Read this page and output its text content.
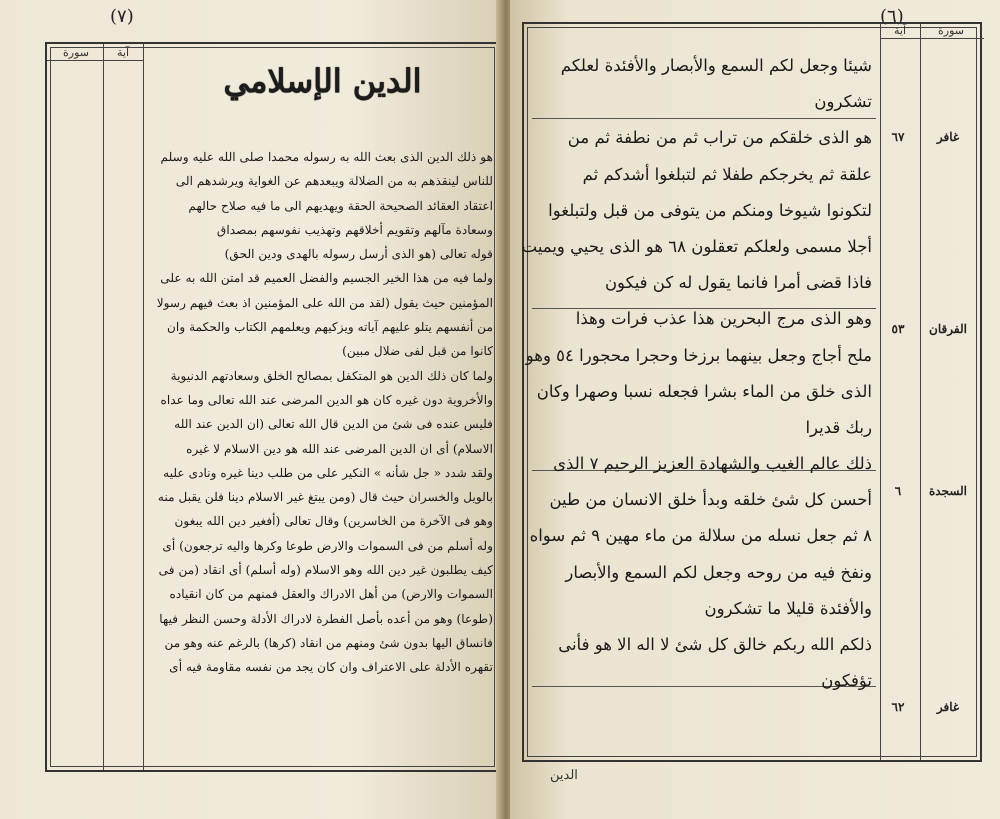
(٧)
سورة	آية
الدين الإسلامي

هو ذلك الدين الذى بعث الله به رسوله محمدا صلى الله عليه وسلم

للناس لينقذهم به من الضلالة ويبعدهم عن الغواية ويرشدهم الى

اعتقاد العقائد الصحيحة الحقة ويهديهم الى ما فيه صلاح حالهم

وسعادة مآلهم وتقويم أخلاقهم وتهذيب نفوسهم بمصداق

قوله تعالى (هو الذى أرسل رسوله بالهدى ودين الحق)

ولما فيه من هذا الخير الجسيم والفضل العميم قد امتن الله به على

المؤمنين حيث يقول (لقد من الله على المؤمنين اذ بعث فيهم رسولا

من أنفسهم يتلو عليهم آياته ويزكيهم ويعلمهم الكتاب والحكمة وان

كانوا من قبل لفى ضلال مبين)

ولما كان ذلك الدين هو المتكفل بمصالح الخلق وسعادتهم الدنيوية

والأخروية دون غيره كان هو الدين المرضى عند الله تعالى وما عداه

فليس عنده فى شئ من الدين قال الله تعالى (ان الدين عند الله

الاسلام) أى ان الدين المرضى عند الله هو دين الاسلام لا غيره

ولقد شدد « جل شأنه » النكير على من طلب دينا غيره ونادى عليه

بالويل والخسران حيث قال (ومن يبتغ غير الاسلام دينا فلن يقبل منه

وهو فى الآخرة من الخاسرين) وقال تعالى (أفغير دين الله يبغون

وله أسلم من فى السموات والارض طوعا وكرها واليه ترجعون) أى

كيف يطلبون غير دين الله وهو الاسلام (وله أسلم) أى انقاد (من فى

السموات والارض) من أهل الادراك والعقل فمنهم من كان انقياده

(طوعا) وهو من أعده بأصل الفطرة لادراك الأدلة وحسن النظر فيها

فانساق اليها بدون شئ ومنهم من انقاد (كرها) بالرغم عنه وهو من

تقهره الأدلة على الاعتراف وان كان يجد من نفسه مقاومة فيه أى

(٦)
آية	سورة
غافر
٦٧
الفرقان
٥٣
السجدة
٦
غافر
٦٢

شيئا وجعل لكم السمع والأبصار والأفئدة لعلكم

تشكرون

هو الذى خلقكم من تراب ثم من نطفة ثم من

علقة ثم يخرجكم طفلا ثم لتبلغوا أشدكم ثم

لتكونوا شيوخا ومنكم من يتوفى من قبل ولتبلغوا

أجلا مسمى ولعلكم تعقلون ٦٨ هو الذى يحيي ويميت

فاذا قضى أمرا فانما يقول له كن فيكون

وهو الذى مرج البحرين هذا عذب فرات وهذا

ملح أجاج وجعل بينهما برزخا وحجرا محجورا ٥٤ وهو

الذى خلق من الماء بشرا فجعله نسبا وصهرا وكان

ربك قديرا

ذلك عالم الغيب والشهادة العزيز الرحيم ٧ الذى

أحسن كل شئ خلقه وبدأ خلق الانسان من طين

٨ ثم جعل نسله من سلالة من ماء مهين ٩ ثم سواه

ونفخ فيه من روحه وجعل لكم السمع والأبصار

والأفئدة قليلا ما تشكرون

ذلكم الله ربكم خالق كل شئ لا اله الا هو فأنى

تؤفكون

الدين
